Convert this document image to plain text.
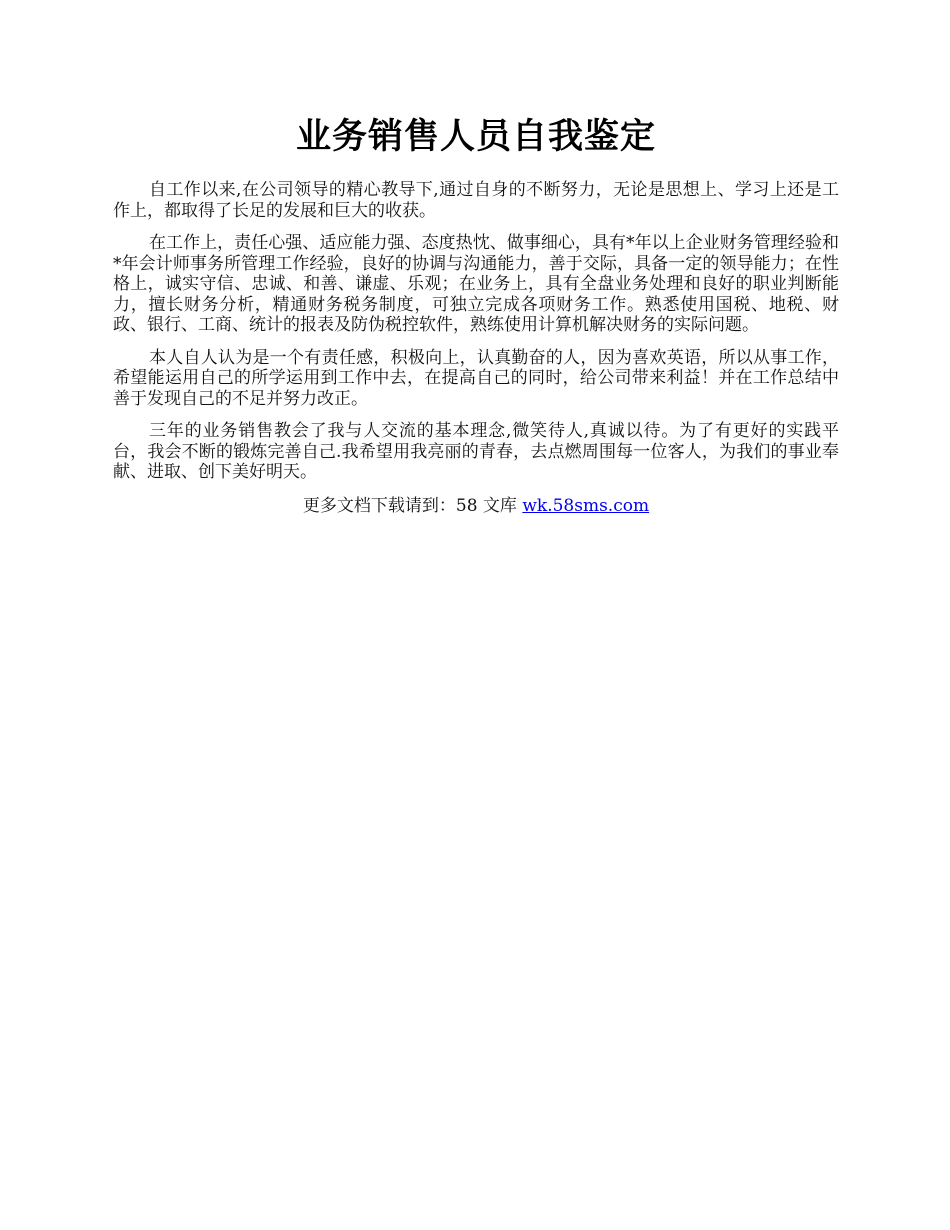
业务销售人员自我鉴定

自工作以来,在公司领导的精心教导下,通过自身的不断努力，无论是思想上、学习上还是工作上，都取得了长足的发展和巨大的收获。

在工作上，责任心强、适应能力强、态度热忱、做事细心，具有*年以上企业财务管理经验和*年会计师事务所管理工作经验，良好的协调与沟通能力，善于交际，具备一定的领导能力；在性格上，诚实守信、忠诚、和善、谦虚、乐观；在业务上，具有全盘业务处理和良好的职业判断能力，擅长财务分析，精通财务税务制度，可独立完成各项财务工作。熟悉使用国税、地税、财政、银行、工商、统计的报表及防伪税控软件，熟练使用计算机解决财务的实际问题。

本人自人认为是一个有责任感，积极向上，认真勤奋的人，因为喜欢英语，所以从事工作，希望能运用自己的所学运用到工作中去，在提高自己的同时，给公司带来利益！并在工作总结中善于发现自己的不足并努力改正。

三年的业务销售教会了我与人交流的基本理念,微笑待人,真诚以待。为了有更好的实践平台，我会不断的锻炼完善自己.我希望用我亮丽的青春，去点燃周围每一位客人，为我们的事业奉献、进取、创下美好明天。

更多文档下载请到：58 文库 wk.58sms.com
